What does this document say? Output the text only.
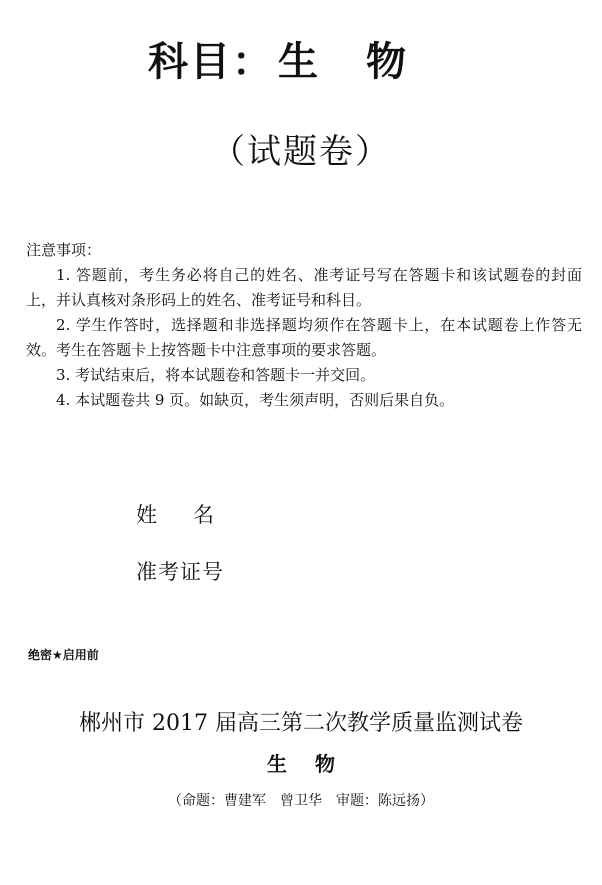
科目： 生物
（试题卷）
注意事项：

1. 答题前，考生务必将自己的姓名、准考证号写在答题卡和该试题卷的封面上，并认真核对条形码上的姓名、准考证号和科目。

2. 学生作答时，选择题和非选择题均须作在答题卡上，在本试题卷上作答无效。考生在答题卡上按答题卡中注意事项的要求答题。

3. 考试结束后，将本试题卷和答题卡一并交回。

4. 本试题卷共 9 页。如缺页，考生须声明，否则后果自负。

姓名
准考证号
绝密★启用前
郴州市 2017 届高三第二次教学质量监测试卷
生物
（命题：曹建军　曾卫华　审题：陈远扬）
